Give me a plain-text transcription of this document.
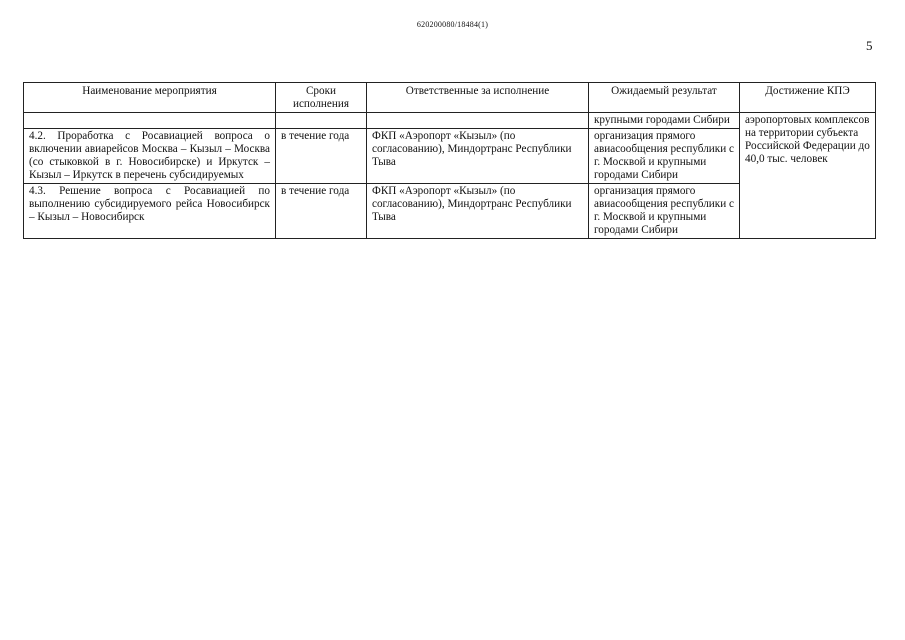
620200080/18484(1)
5
Наименование мероприятия	Сроки исполнения	Ответственные за исполнение	Ожидаемый результат	Достижение КПЭ
			крупными городами Сибири	аэропортовых комплексов на территории субъекта Российской Федерации до 40,0 тыс. человек
4.2. Проработка с Росавиацией вопроса о включении авиарейсов Москва – Кызыл – Москва (со стыковкой в г. Новосибирске) и Иркутск – Кызыл – Иркутск в перечень субсидируемых	в течение года	ФКП «Аэропорт «Кызыл» (по согласованию), Миндортранс Республики Тыва	организация прямого авиасообщения республики с г. Москвой и крупными городами Сибири	
4.3. Решение вопроса с Росавиацией по выполнению субсидируемого рейса Новосибирск – Кызыл – Новосибирск	в течение года	ФКП «Аэропорт «Кызыл» (по согласованию), Миндортранс Республики Тыва	организация прямого авиасообщения республики с г. Москвой и крупными городами Сибири	
